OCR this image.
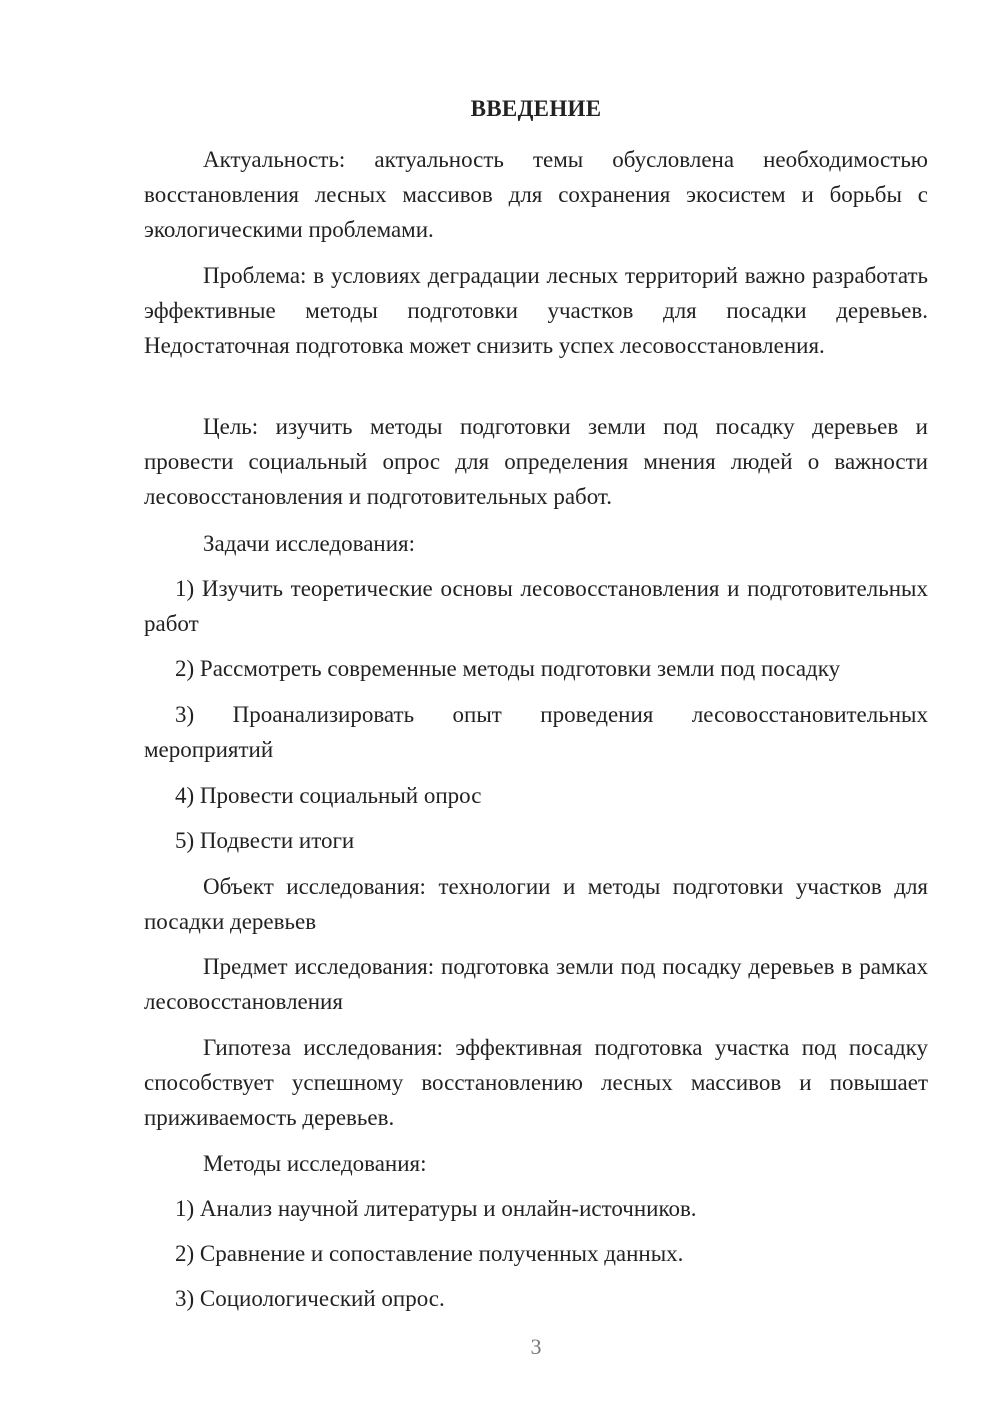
ВВЕДЕНИЕ
Актуальность: актуальность темы обусловлена необходимостью восстановления лесных массивов для сохранения экосистем и борьбы с экологическими проблемами.
Проблема: в условиях деградации лесных территорий важно разработать эффективные методы подготовки участков для посадки деревьев. Недостаточная подготовка может снизить успех лесовосстановления.
Цель: изучить методы подготовки земли под посадку деревьев и провести социальный опрос для определения мнения людей о важности лесовосстановления и подготовительных работ.
Задачи исследования:
1) Изучить теоретические основы лесовосстановления и подготовительных работ
2) Рассмотреть современные методы подготовки земли под посадку
3) Проанализировать опыт проведения лесовосстановительных мероприятий
4) Провести социальный опрос
5) Подвести итоги
Объект исследования: технологии и методы подготовки участков для посадки деревьев
Предмет исследования: подготовка земли под посадку деревьев в рамках лесовосстановления
Гипотеза исследования: эффективная подготовка участка под посадку способствует успешному восстановлению лесных массивов и повышает приживаемость деревьев.
Методы исследования:
1) Анализ научной литературы и онлайн-источников.
2) Сравнение и сопоставление полученных данных.
3) Социологический опрос.
3
